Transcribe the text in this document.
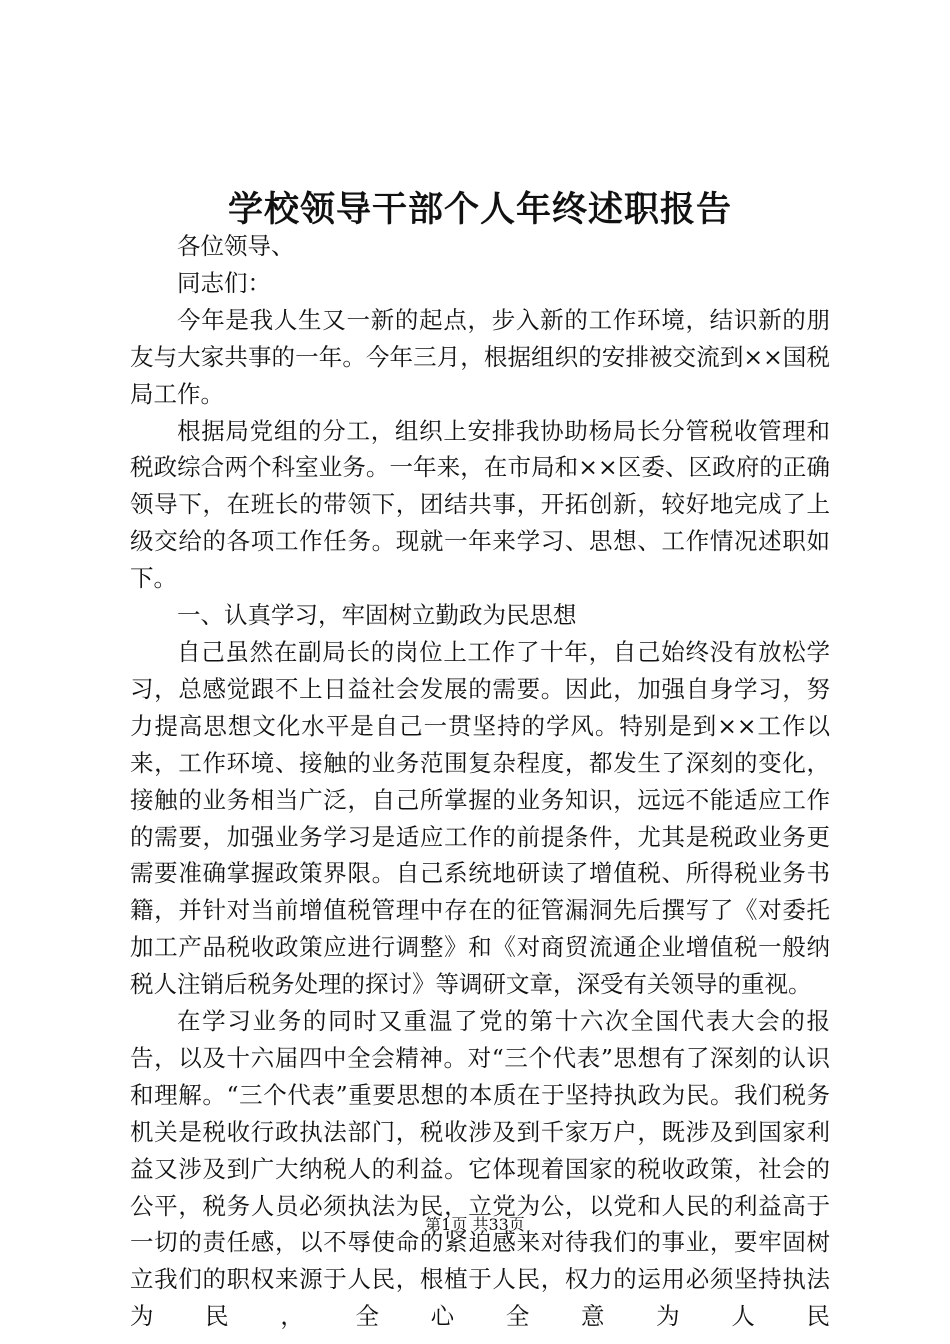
学校领导干部个人年终述职报告

各位领导、

同志们：

今年是我人生又一新的起点，步入新的工作环境，结识新的朋友与大家共事的一年。今年三月，根据组织的安排被交流到××国税局工作。

根据局党组的分工，组织上安排我协助杨局长分管税收管理和税政综合两个科室业务。一年来，在市局和××区委、区政府的正确领导下，在班长的带领下，团结共事，开拓创新，较好地完成了上级交给的各项工作任务。现就一年来学习、思想、工作情况述职如下。

一、认真学习，牢固树立勤政为民思想

自己虽然在副局长的岗位上工作了十年，自己始终没有放松学习，总感觉跟不上日益社会发展的需要。因此，加强自身学习，努力提高思想文化水平是自己一贯坚持的学风。特别是到××工作以来，工作环境、接触的业务范围复杂程度，都发生了深刻的变化，接触的业务相当广泛，自己所掌握的业务知识，远远不能适应工作的需要，加强业务学习是适应工作的前提条件，尤其是税政业务更需要准确掌握政策界限。自己系统地研读了增值税、所得税业务书籍，并针对当前增值税管理中存在的征管漏洞先后撰写了《对委托加工产品税收政策应进行调整》和《对商贸流通企业增值税一般纳税人注销后税务处理的探讨》等调研文章，深受有关领导的重视。

在学习业务的同时又重温了党的第十六次全国代表大会的报告，以及十六届四中全会精神。对“三个代表”思想有了深刻的认识和理解。“三个代表”重要思想的本质在于坚持执政为民。我们税务机关是税收行政执法部门，税收涉及到千家万户，既涉及到国家利益又涉及到广大纳税人的利益。它体现着国家的税收政策，社会的公平，税务人员必须执法为民，立党为公，以党和人民的利益高于一切的责任感，以不辱使命的紧迫感来对待我们的事业，要牢固树立我们的职权来源于人民，根植于人民，权力的运用必须坚持执法为民，全心全意为人民

第1页 共33页
